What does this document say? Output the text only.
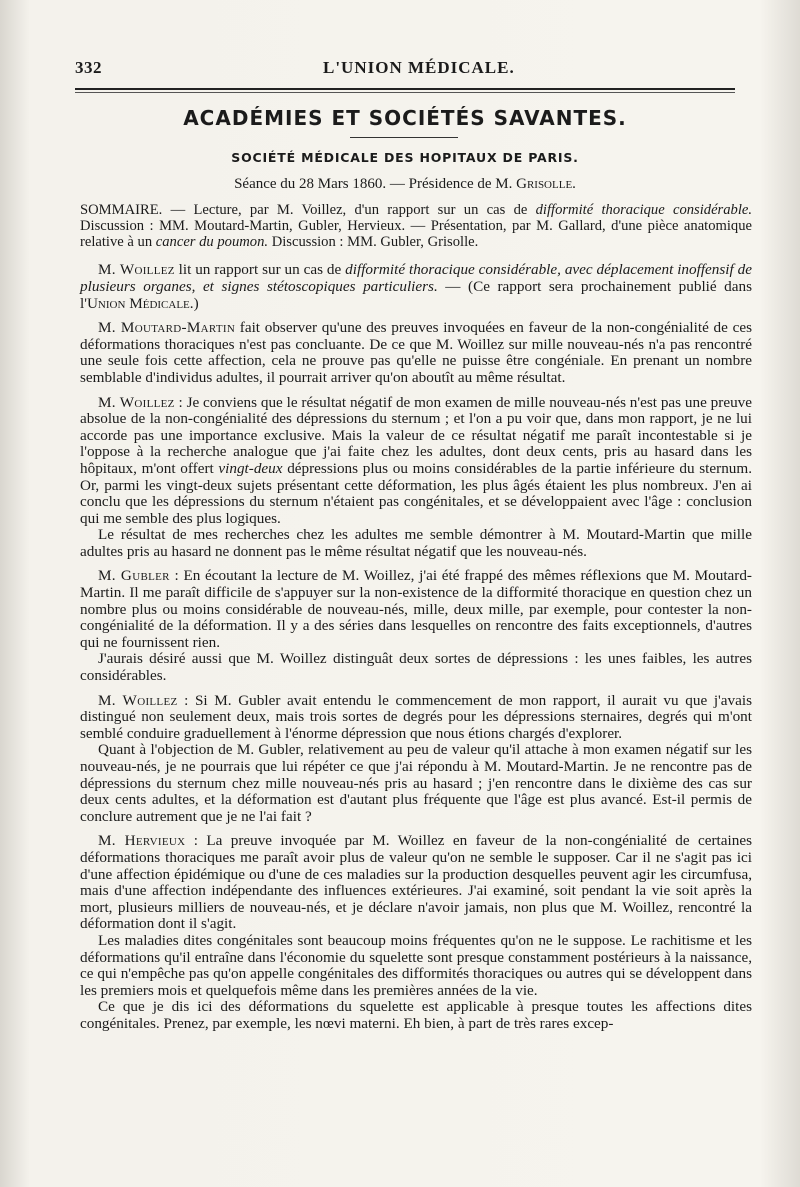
332	L'UNION MÉDICALE.
ACADÉMIES ET SOCIÉTÉS SAVANTES.
SOCIÉTÉ MÉDICALE DES HOPITAUX DE PARIS.
Séance du 28 Mars 1860. — Présidence de M. Grisolle.

SOMMAIRE. — Lecture, par M. Voillez, d'un rapport sur un cas de difformité thoracique considérable. Discussion : MM. Moutard-Martin, Gubler, Hervieux. — Présentation, par M. Gallard, d'une pièce anatomique relative à un cancer du poumon. Discussion : MM. Gubler, Grisolle.

M. Woillez lit un rapport sur un cas de difformité thoracique considérable, avec déplacement inoffensif de plusieurs organes, et signes stétoscopiques particuliers. — (Ce rapport sera prochainement publié dans l'Union Médicale.)

M. Moutard-Martin fait observer qu'une des preuves invoquées en faveur de la non-congénialité de ces déformations thoraciques n'est pas concluante. De ce que M. Woillez sur mille nouveau-nés n'a pas rencontré une seule fois cette affection, cela ne prouve pas qu'elle ne puisse être congéniale. En prenant un nombre semblable d'individus adultes, il pourrait arriver qu'on aboutît au même résultat.

M. Woillez : Je conviens que le résultat négatif de mon examen de mille nouveau-nés n'est pas une preuve absolue de la non-congénialité des dépressions du sternum ; et l'on a pu voir que, dans mon rapport, je ne lui accorde pas une importance exclusive. Mais la valeur de ce résultat négatif me paraît incontestable si je l'oppose à la recherche analogue que j'ai faite chez les adultes, dont deux cents, pris au hasard dans les hôpitaux, m'ont offert vingt-deux dépressions plus ou moins considérables de la partie inférieure du sternum. Or, parmi les vingt-deux sujets présentant cette déformation, les plus âgés étaient les plus nombreux. J'en ai conclu que les dépressions du sternum n'étaient pas congénitales, et se développaient avec l'âge : conclusion qui me semble des plus logiques.

Le résultat de mes recherches chez les adultes me semble démontrer à M. Moutard-Martin que mille adultes pris au hasard ne donnent pas le même résultat négatif que les nouveau-nés.

M. Gubler : En écoutant la lecture de M. Woillez, j'ai été frappé des mêmes réflexions que M. Moutard-Martin. Il me paraît difficile de s'appuyer sur la non-existence de la difformité thoracique en question chez un nombre plus ou moins considérable de nouveau-nés, mille, deux mille, par exemple, pour contester la non-congénialité de la déformation. Il y a des séries dans lesquelles on rencontre des faits exceptionnels, d'autres qui ne fournissent rien.

J'aurais désiré aussi que M. Woillez distinguât deux sortes de dépressions : les unes faibles, les autres considérables.

M. Woillez : Si M. Gubler avait entendu le commencement de mon rapport, il aurait vu que j'avais distingué non seulement deux, mais trois sortes de degrés pour les dépressions sternaires, degrés qui m'ont semblé conduire graduellement à l'énorme dépression que nous étions chargés d'explorer.

Quant à l'objection de M. Gubler, relativement au peu de valeur qu'il attache à mon examen négatif sur les nouveau-nés, je ne pourrais que lui répéter ce que j'ai répondu à M. Moutard-Martin. Je ne rencontre pas de dépressions du sternum chez mille nouveau-nés pris au hasard ; j'en rencontre dans le dixième des cas sur deux cents adultes, et la déformation est d'autant plus fréquente que l'âge est plus avancé. Est-il permis de conclure autrement que je ne l'ai fait ?

M. Hervieux : La preuve invoquée par M. Woillez en faveur de la non-congénialité de certaines déformations thoraciques me paraît avoir plus de valeur qu'on ne semble le supposer. Car il ne s'agit pas ici d'une affection épidémique ou d'une de ces maladies sur la production desquelles peuvent agir les circumfusa, mais d'une affection indépendante des influences extérieures. J'ai examiné, soit pendant la vie soit après la mort, plusieurs milliers de nouveau-nés, et je déclare n'avoir jamais, non plus que M. Woillez, rencontré la déformation dont il s'agit.

Les maladies dites congénitales sont beaucoup moins fréquentes qu'on ne le suppose. Le rachitisme et les déformations qu'il entraîne dans l'économie du squelette sont presque constamment postérieurs à la naissance, ce qui n'empêche pas qu'on appelle congénitales des difformités thoraciques ou autres qui se développent dans les premiers mois et quelquefois même dans les premières années de la vie.

Ce que je dis ici des déformations du squelette est applicable à presque toutes les affections dites congénitales. Prenez, par exemple, les nœvi materni. Eh bien, à part de très rares excep-
